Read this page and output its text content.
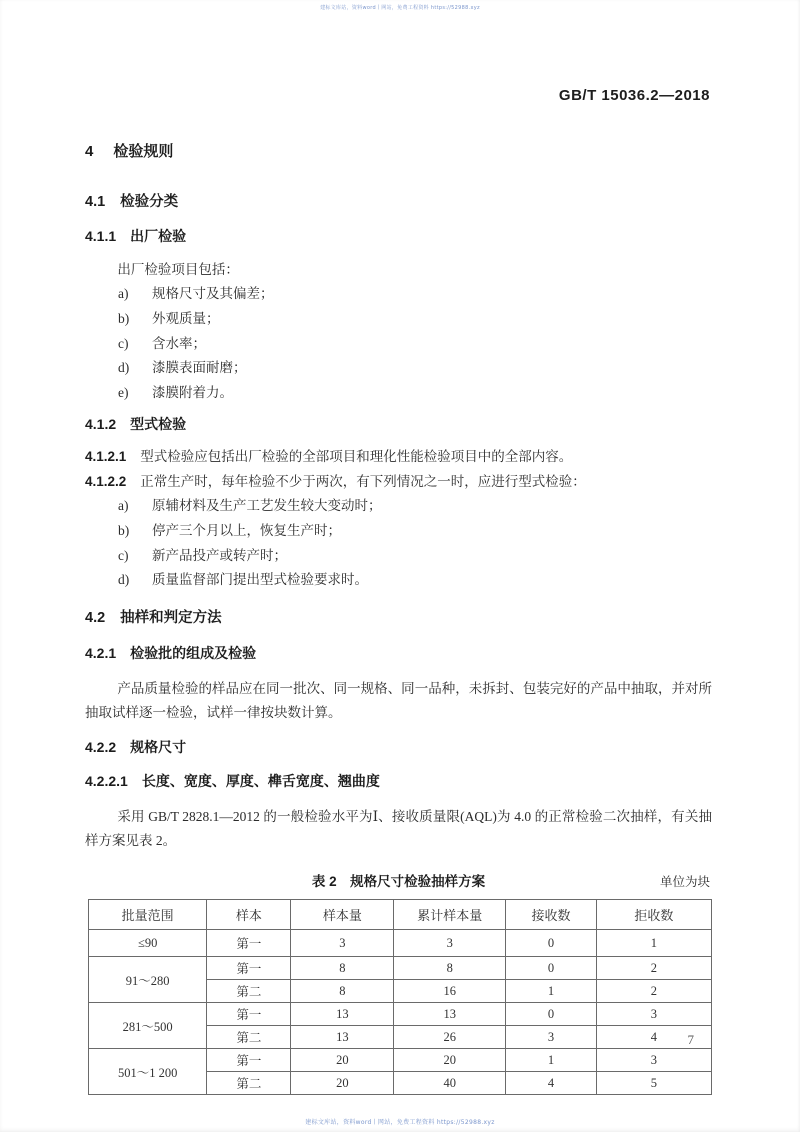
建标文库站，资料word丨网站，免费工程资料 https://52988.xyz
GB/T 15036.2—2018

4 检验规则

4.1 检验分类

4.1.1 出厂检验

出厂检验项目包括：

a) 规格尺寸及其偏差；
b) 外观质量；
c) 含水率；
d) 漆膜表面耐磨；
e) 漆膜附着力。

4.1.2 型式检验

4.1.2.1 型式检验应包括出厂检验的全部项目和理化性能检验项目中的全部内容。

4.1.2.2 正常生产时，每年检验不少于两次，有下列情况之一时，应进行型式检验：

a) 原辅材料及生产工艺发生较大变动时；
b) 停产三个月以上，恢复生产时；
c) 新产品投产或转产时；
d) 质量监督部门提出型式检验要求时。

4.2 抽样和判定方法

4.2.1 检验批的组成及检验

产品质量检验的样品应在同一批次、同一规格、同一品种，未拆封、包装完好的产品中抽取，并对所抽取试样逐一检验，试样一律按块数计算。

4.2.2 规格尺寸

4.2.2.1 长度、宽度、厚度、榫舌宽度、翘曲度

采用 GB/T 2828.1—2012 的一般检验水平为Ⅰ、接收质量限(AQL)为 4.0 的正常检验二次抽样，有关抽样方案见表 2。

表 2　规格尺寸检验抽样方案	单位为块
批量范围	样本	样本量	累计样本量	接收数	拒收数
≤90	第一	3	3	0	1
91～280	第一	8	8	0	2
	第二	8	16	1	2
281～500	第一	13	13	0	3
	第二	13	26	3	4
501～1 200	第一	20	20	1	3
	第二	20	40	4	5
7
建标文库站，资料word丨网站，免费工程资料 https://52988.xyz
